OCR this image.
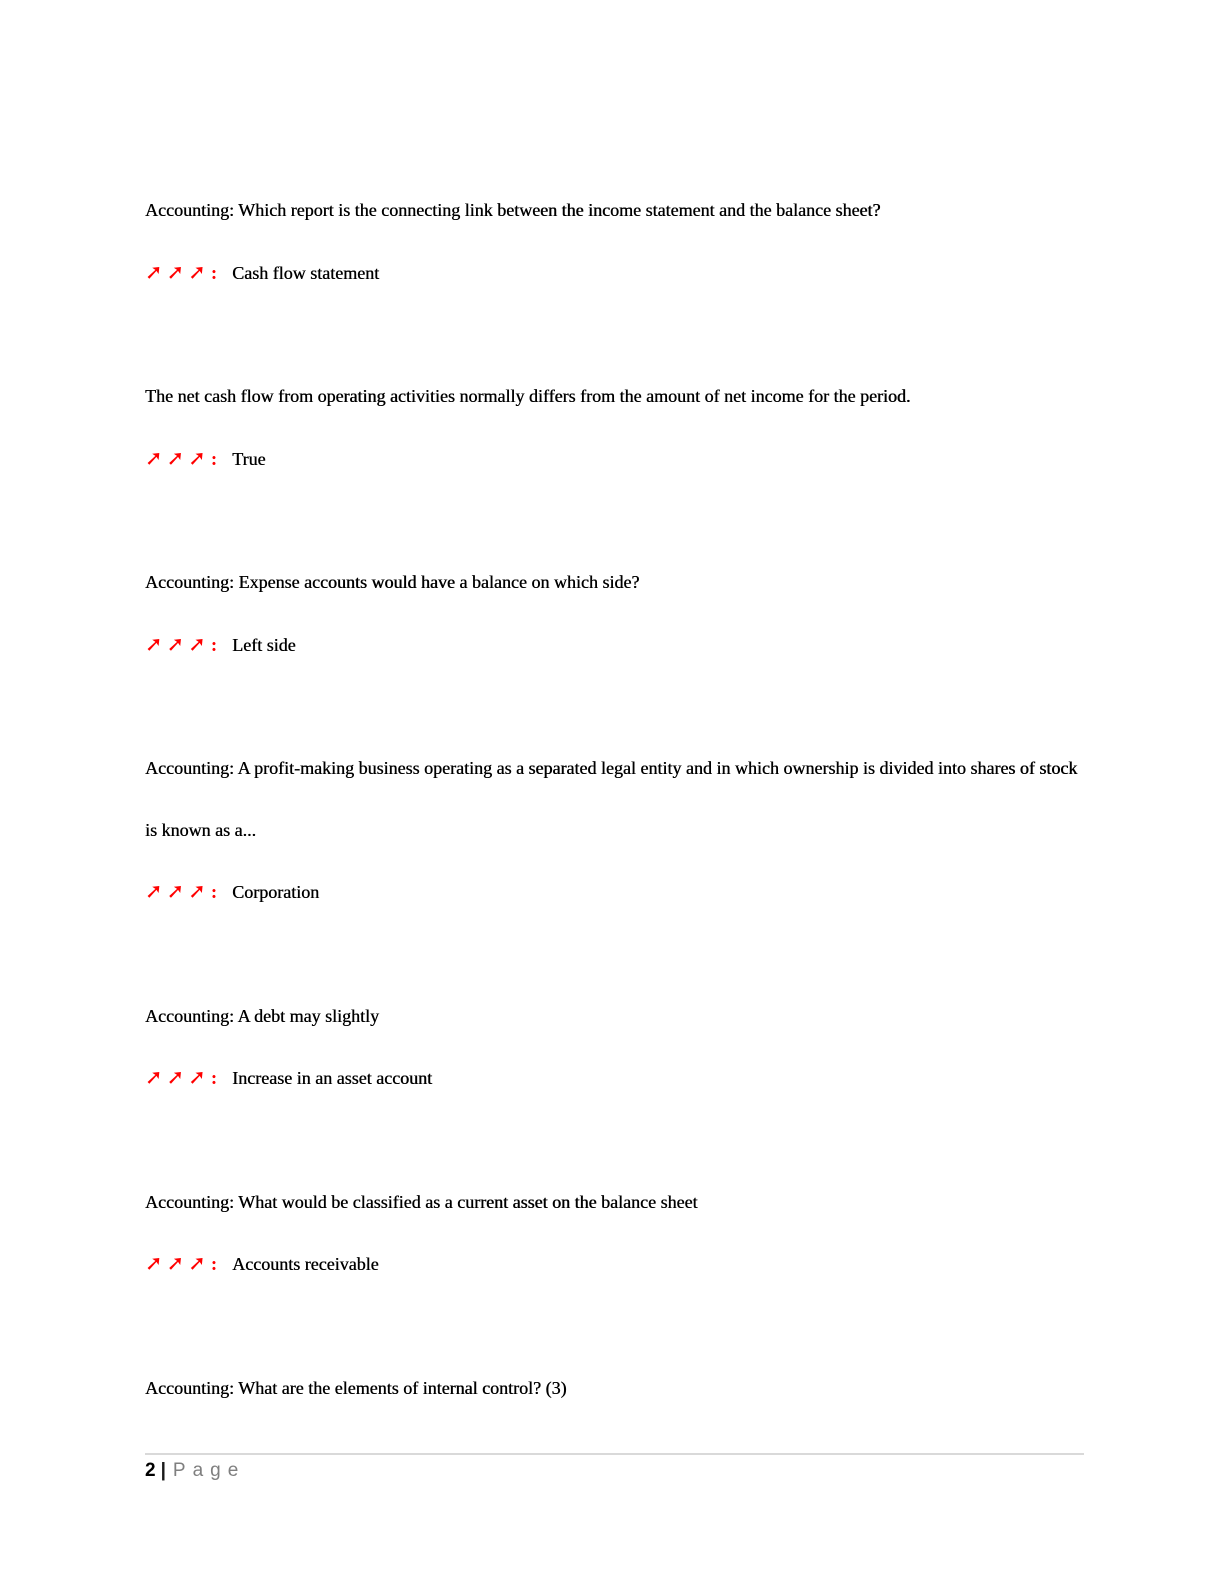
Accounting: Which report is the connecting link between the income statement and the balance sheet?

➚ ➚ ➚ : Cash flow statement

The net cash flow from operating activities normally differs from the amount of net income for the period.

➚ ➚ ➚ : True

Accounting: Expense accounts would have a balance on which side?

➚ ➚ ➚ : Left side

Accounting: A profit-making business operating as a separated legal entity and in which ownership is divided into shares of stock is known as a...

➚ ➚ ➚ : Corporation

Accounting: A debt may slightly

➚ ➚ ➚ : Increase in an asset account

Accounting: What would be classified as a current asset on the balance sheet

➚ ➚ ➚ : Accounts receivable

Accounting: What are the elements of internal control? (3)

2 | Page
